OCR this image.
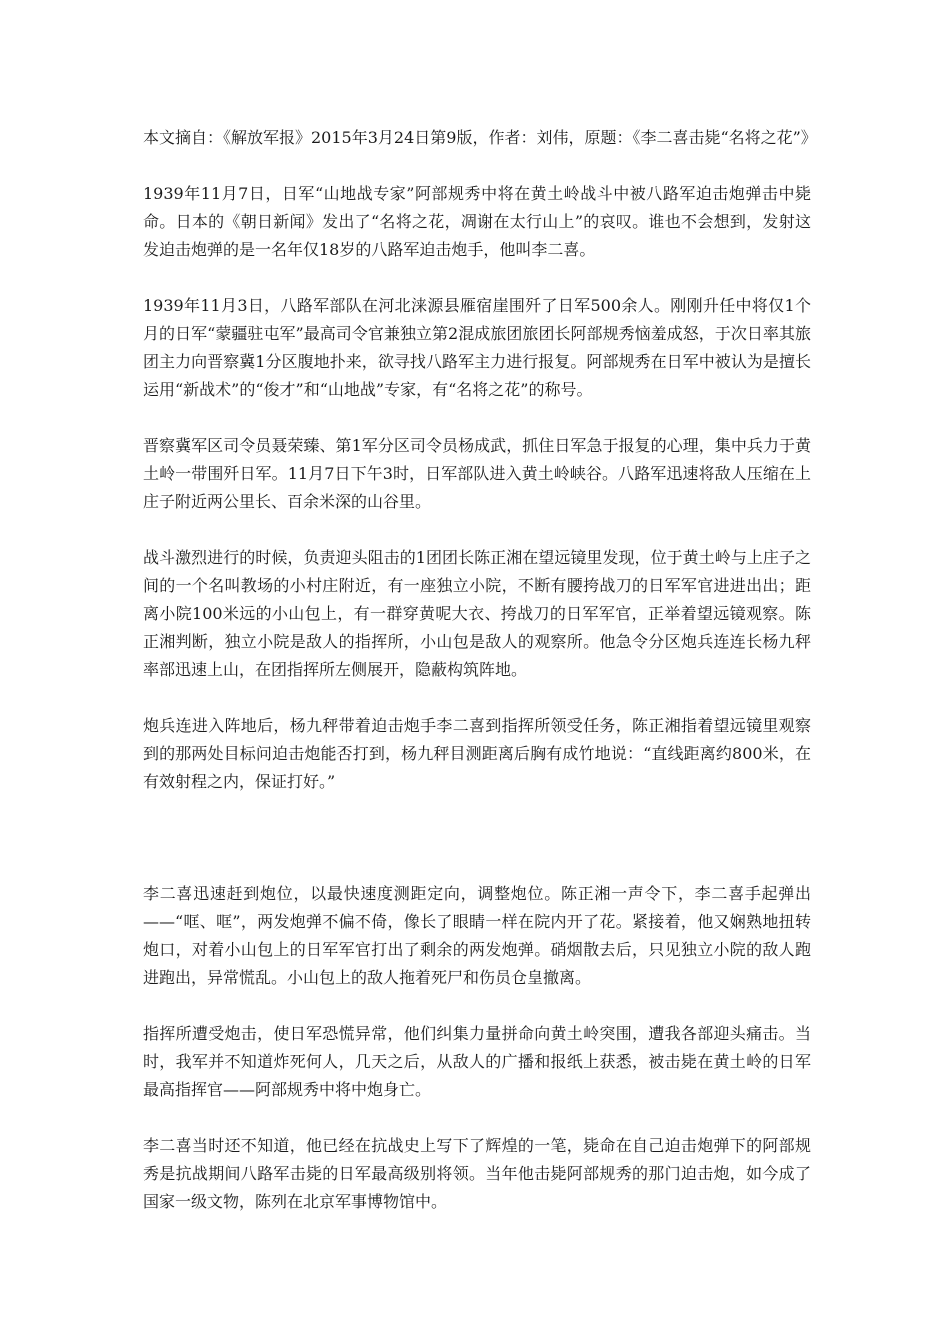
本文摘自：《解放军报》2015年3月24日第9版，作者：刘伟，原题：《李二喜击毙“名将之花”》

1939年11月7日，日军“山地战专家”阿部规秀中将在黄土岭战斗中被八路军迫击炮弹击中毙命。日本的《朝日新闻》发出了“名将之花，凋谢在太行山上”的哀叹。谁也不会想到，发射这发迫击炮弹的是一名年仅18岁的八路军迫击炮手，他叫李二喜。

1939年11月3日，八路军部队在河北涞源县雁宿崖围歼了日军500余人。刚刚升任中将仅1个月的日军“蒙疆驻屯军”最高司令官兼独立第2混成旅团旅团长阿部规秀恼羞成怒，于次日率其旅团主力向晋察冀1分区腹地扑来，欲寻找八路军主力进行报复。阿部规秀在日军中被认为是擅长运用“新战术”的“俊才”和“山地战”专家，有“名将之花”的称号。

晋察冀军区司令员聂荣臻、第1军分区司令员杨成武，抓住日军急于报复的心理，集中兵力于黄土岭一带围歼日军。11月7日下午3时，日军部队进入黄土岭峡谷。八路军迅速将敌人压缩在上庄子附近两公里长、百余米深的山谷里。

战斗激烈进行的时候，负责迎头阻击的1团团长陈正湘在望远镜里发现，位于黄土岭与上庄子之间的一个名叫教场的小村庄附近，有一座独立小院，不断有腰挎战刀的日军军官进进出出；距离小院100米远的小山包上，有一群穿黄呢大衣、挎战刀的日军军官，正举着望远镜观察。陈正湘判断，独立小院是敌人的指挥所，小山包是敌人的观察所。他急令分区炮兵连连长杨九秤率部迅速上山，在团指挥所左侧展开，隐蔽构筑阵地。

炮兵连进入阵地后，杨九秤带着迫击炮手李二喜到指挥所领受任务，陈正湘指着望远镜里观察到的那两处目标问迫击炮能否打到，杨九秤目测距离后胸有成竹地说：“直线距离约800米，在有效射程之内，保证打好。”

李二喜迅速赶到炮位，以最快速度测距定向，调整炮位。陈正湘一声令下，李二喜手起弹出——“哐、哐”，两发炮弹不偏不倚，像长了眼睛一样在院内开了花。紧接着，他又娴熟地扭转炮口，对着小山包上的日军军官打出了剩余的两发炮弹。硝烟散去后，只见独立小院的敌人跑进跑出，异常慌乱。小山包上的敌人拖着死尸和伤员仓皇撤离。

指挥所遭受炮击，使日军恐慌异常，他们纠集力量拼命向黄土岭突围，遭我各部迎头痛击。当时，我军并不知道炸死何人，几天之后，从敌人的广播和报纸上获悉，被击毙在黄土岭的日军最高指挥官——阿部规秀中将中炮身亡。

李二喜当时还不知道，他已经在抗战史上写下了辉煌的一笔，毙命在自己迫击炮弹下的阿部规秀是抗战期间八路军击毙的日军最高级别将领。当年他击毙阿部规秀的那门迫击炮，如今成了国家一级文物，陈列在北京军事博物馆中。
